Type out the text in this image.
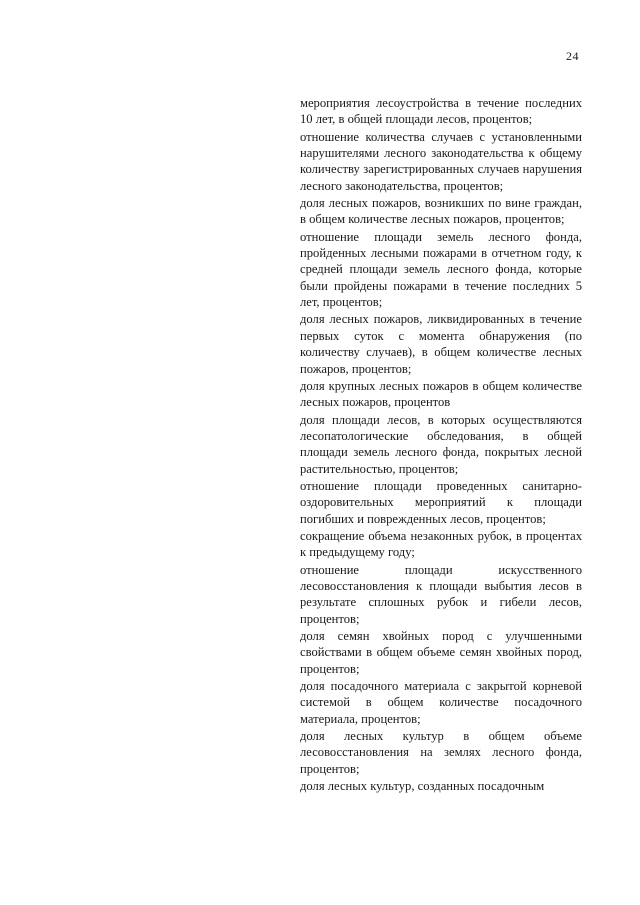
24

мероприятия лесоустройства в течение последних 10 лет, в общей площади лесов, процентов;

отношение количества случаев с установленными нарушителями лесного законодательства к общему количеству зарегистрированных случаев нарушения лесного законодательства, процентов;

доля лесных пожаров, возникших по вине граждан, в общем количестве лесных пожаров, процентов;

отношение площади земель лесного фонда, пройденных лесными пожарами в отчетном году, к средней площади земель лесного фонда, которые были пройдены пожарами в течение последних 5 лет, процентов;

доля лесных пожаров, ликвидированных в течение первых суток с момента обнаружения (по количеству случаев), в общем количестве лесных пожаров, процентов;

доля крупных лесных пожаров в общем количестве лесных пожаров, процентов

доля площади лесов, в которых осуществляются лесопатологические обследования, в общей площади земель лесного фонда, покрытых лесной растительностью, процентов;

отношение площади проведенных санитарно-оздоровительных мероприятий к площади погибших и поврежденных лесов, процентов;

сокращение объема незаконных рубок, в процентах к предыдущему году;

отношение площади искусственного лесовосстановления к площади выбытия лесов в результате сплошных рубок и гибели лесов, процентов;

доля семян хвойных пород с улучшенными свойствами в общем объеме семян хвойных пород, процентов;

доля посадочного материала с закрытой корневой системой в общем количестве посадочного материала, процентов;

доля лесных культур в общем объеме лесовосстановления на землях лесного фонда, процентов;

доля лесных культур, созданных посадочным
